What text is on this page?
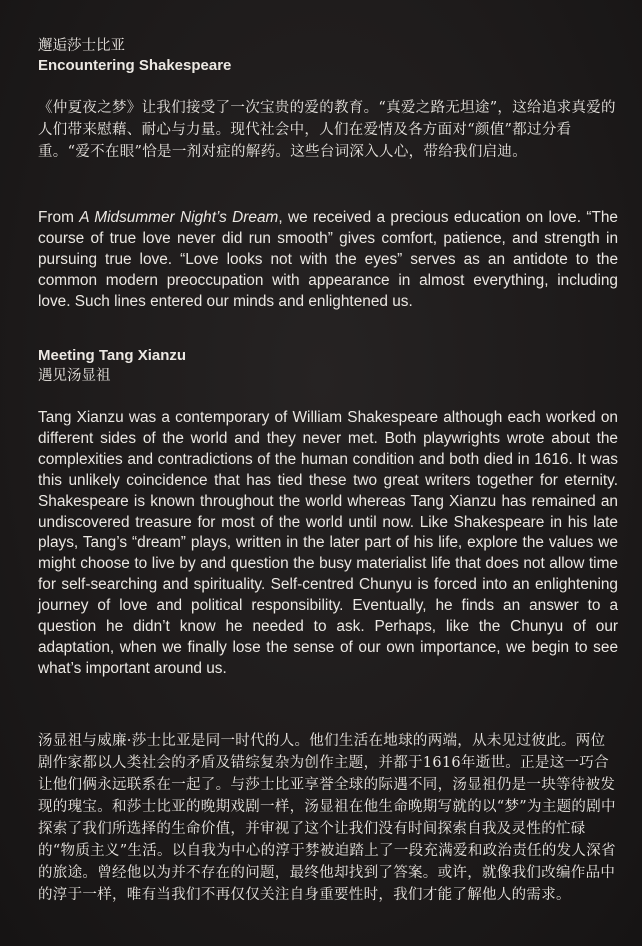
邂逅莎士比亚

Encountering Shakespeare

《仲夏夜之梦》让我们接受了一次宝贵的爱的教育。“真爱之路无坦途”，这给追求真爱的人们带来慰藉、耐心与力量。现代社会中，人们在爱情及各方面对“颜值”都过分看重。“爱不在眼”恰是一剂对症的解药。这些台词深入人心，带给我们启迪。

From A Midsummer Night’s Dream, we received a precious education on love. “The course of true love never did run smooth” gives comfort, patience, and strength in pursuing true love. “Love looks not with the eyes” serves as an antidote to the common modern preoccupation with appearance in almost everything, including love. Such lines entered our minds and enlightened us.

Meeting Tang Xianzu

遇见汤显祖

Tang Xianzu was a contemporary of William Shakespeare although each worked on different sides of the world and they never met. Both playwrights wrote about the complexities and contradictions of the human condition and both died in 1616. It was this unlikely coincidence that has tied these two great writers together for eternity. Shakespeare is known throughout the world whereas Tang Xianzu has remained an undiscovered treasure for most of the world until now. Like Shakespeare in his late plays, Tang’s “dream” plays, written in the later part of his life, explore the values we might choose to live by and question the busy materialist life that does not allow time for self-searching and spirituality. Self-centred Chunyu is forced into an enlightening journey of love and political responsibility. Eventually, he finds an answer to a question he didn’t know he needed to ask. Perhaps, like the Chunyu of our adaptation, when we finally lose the sense of our own importance, we begin to see what’s important around us.

汤显祖与威廉·莎士比亚是同一时代的人。他们生活在地球的两端，从未见过彼此。两位剧作家都以人类社会的矛盾及错综复杂为创作主题，并都于1616年逝世。正是这一巧合让他们俩永远联系在一起了。与莎士比亚享誉全球的际遇不同，汤显祖仍是一块等待被发现的瑰宝。和莎士比亚的晚期戏剧一样，汤显祖在他生命晚期写就的以“梦”为主题的剧中探索了我们所选择的生命价值，并审视了这个让我们没有时间探索自我及灵性的忙碌的“物质主义”生活。以自我为中心的淳于棼被迫踏上了一段充满爱和政治责任的发人深省的旅途。曾经他以为并不存在的问题，最终他却找到了答案。或许，就像我们改编作品中的淳于一样，唯有当我们不再仅仅关注自身重要性时，我们才能了解他人的需求。
